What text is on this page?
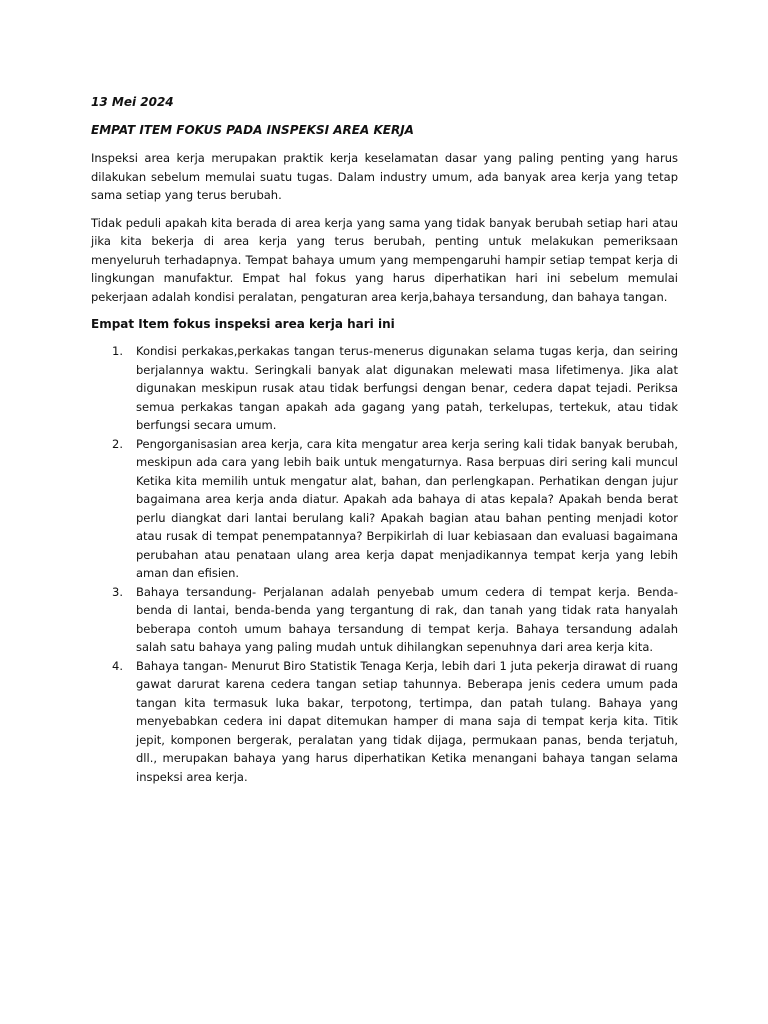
13 Mei 2024

EMPAT ITEM FOKUS PADA INSPEKSI AREA KERJA

Inspeksi area kerja merupakan praktik kerja keselamatan dasar yang paling penting yang harus dilakukan sebelum memulai suatu tugas. Dalam industry umum, ada banyak area kerja yang tetap sama setiap yang terus berubah.

Tidak peduli apakah kita berada di area kerja yang sama yang tidak banyak berubah setiap hari atau jika kita bekerja di area kerja yang terus berubah, penting untuk melakukan pemeriksaan menyeluruh terhadapnya. Tempat bahaya umum yang mempengaruhi hampir setiap tempat kerja di lingkungan manufaktur. Empat hal fokus yang harus diperhatikan hari ini sebelum memulai pekerjaan adalah kondisi peralatan, pengaturan area kerja,bahaya tersandung, dan bahaya tangan.

Empat Item fokus inspeksi area kerja hari ini

1. Kondisi perkakas,perkakas tangan terus-menerus digunakan selama tugas kerja, dan seiring berjalannya waktu. Seringkali banyak alat digunakan melewati masa lifetimenya. Jika alat digunakan meskipun rusak atau tidak berfungsi dengan benar, cedera dapat tejadi. Periksa semua perkakas tangan apakah ada gagang yang patah, terkelupas, tertekuk, atau tidak berfungsi secara umum.
2. Pengorganisasian area kerja, cara kita mengatur area kerja sering kali tidak banyak berubah, meskipun ada cara yang lebih baik untuk mengaturnya. Rasa berpuas diri sering kali muncul Ketika kita memilih untuk mengatur alat, bahan, dan perlengkapan. Perhatikan dengan jujur bagaimana area kerja anda diatur. Apakah ada bahaya di atas kepala? Apakah benda berat perlu diangkat dari lantai berulang kali? Apakah bagian atau bahan penting menjadi kotor atau rusak di tempat penempatannya? Berpikirlah di luar kebiasaan dan evaluasi bagaimana perubahan atau penataan ulang area kerja dapat menjadikannya tempat kerja yang lebih aman dan efisien.
3. Bahaya tersandung- Perjalanan adalah penyebab umum cedera di tempat kerja. Benda-benda di lantai, benda-benda yang tergantung di rak, dan tanah yang tidak rata hanyalah beberapa contoh umum bahaya tersandung di tempat kerja. Bahaya tersandung adalah salah satu bahaya yang paling mudah untuk dihilangkan sepenuhnya dari area kerja kita.
4. Bahaya tangan- Menurut Biro Statistik Tenaga Kerja, lebih dari 1 juta pekerja dirawat di ruang gawat darurat karena cedera tangan setiap tahunnya. Beberapa jenis cedera umum pada tangan kita termasuk luka bakar, terpotong, tertimpa, dan patah tulang. Bahaya yang menyebabkan cedera ini dapat ditemukan hamper di mana saja di tempat kerja kita. Titik jepit, komponen bergerak, peralatan yang tidak dijaga, permukaan panas, benda terjatuh, dll., merupakan bahaya yang harus diperhatikan Ketika menangani bahaya tangan selama inspeksi area kerja.
